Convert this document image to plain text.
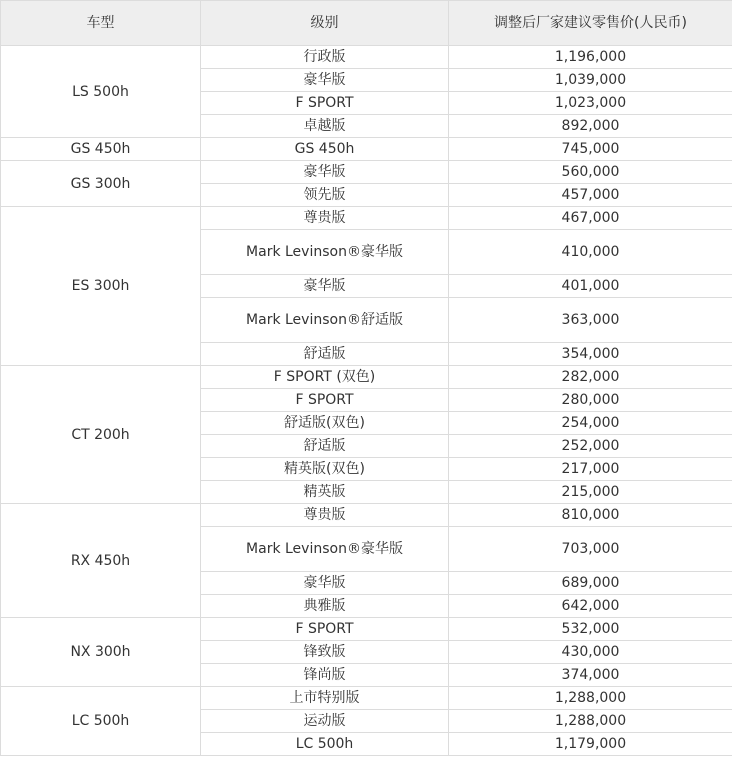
车型	级别	调整后厂家建议零售价(人民币)
LS 500h	行政版	1,196,000
	豪华版	1,039,000
	F SPORT	1,023,000
	卓越版	892,000
GS 450h	GS 450h	745,000
GS 300h	豪华版	560,000
	领先版	457,000
ES 300h	尊贵版	467,000
	Mark Levinson®豪华版	410,000
	豪华版	401,000
	Mark Levinson®舒适版	363,000
	舒适版	354,000
CT 200h	F SPORT (双色)	282,000
	F SPORT	280,000
	舒适版(双色)	254,000
	舒适版	252,000
	精英版(双色)	217,000
	精英版	215,000
RX 450h	尊贵版	810,000
	Mark Levinson®豪华版	703,000
	豪华版	689,000
	典雅版	642,000
NX 300h	F SPORT	532,000
	锋致版	430,000
	锋尚版	374,000
LC 500h	上市特别版	1,288,000
	运动版	1,288,000
	LC 500h	1,179,000
